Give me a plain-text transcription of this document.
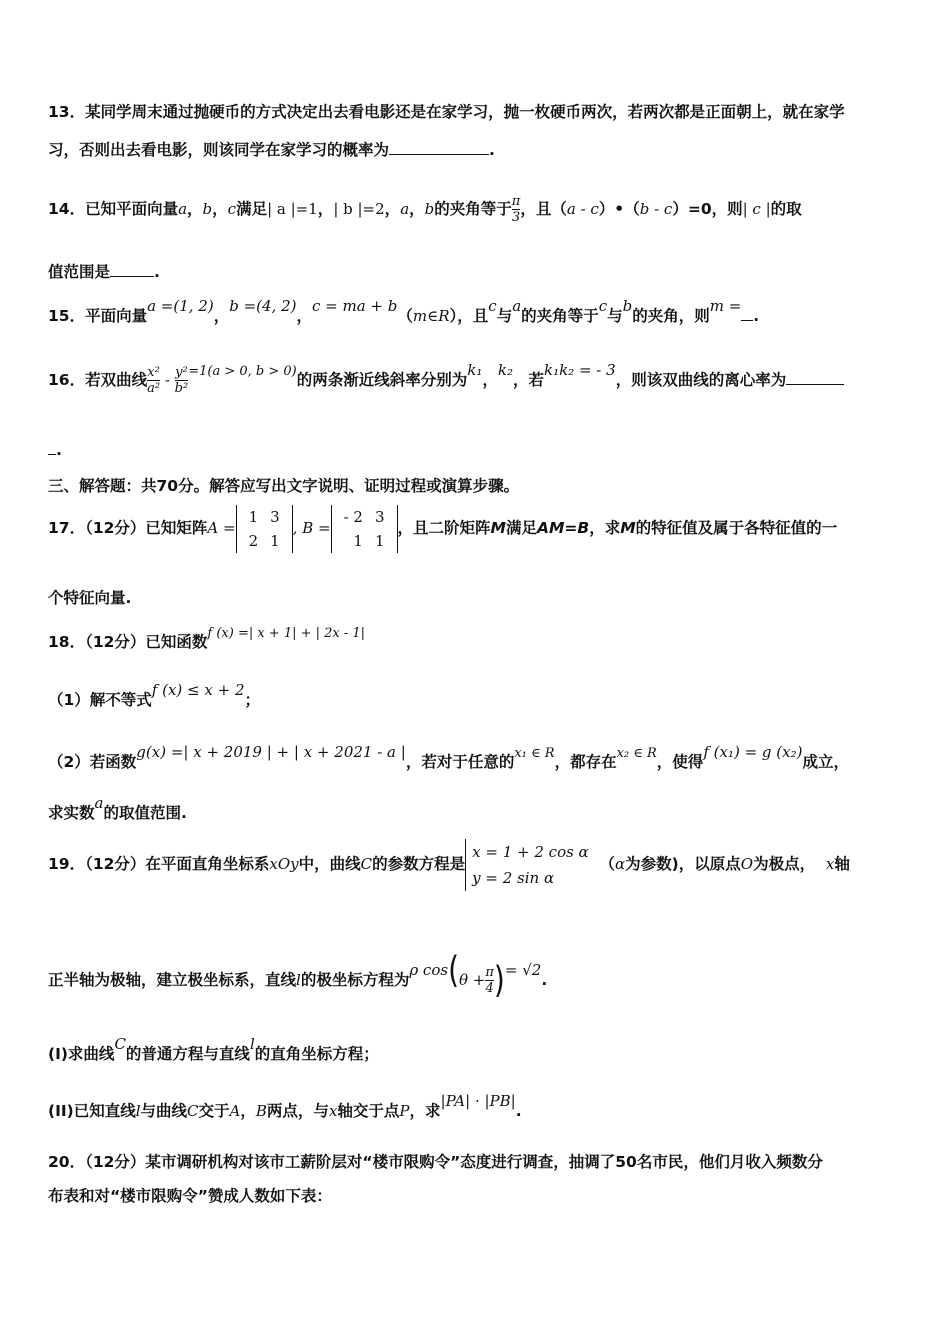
13．某同学周末通过抛硬币的方式决定出去看电影还是在家学习，抛一枚硬币两次，若两次都是正面朝上，就在家学
习，否则出去看电影，则该同学在家学习的概率为	.
14．已知平面向量a，b，c满足| a |=1，| b |=2，a，b的夹角等于 $\frac{\pi}{3}$ ，且（a - c）•（b - c）=0，则| c |的取
值范围是	.
15．平面向量a =(1, 2)，b =(4, 2)，c = ma + b（m∈R），且c与a的夹角等于c与b的夹角，则m =.
16．若双曲线 $\frac{\text{x²}}{\text{a²}} - \frac{\text{y²}}{\text{b²}} ^{=1(a > 0, b > 0)}$的两条渐近线斜率分别为k₁，k₂，若k₁k₂ = - 3，则该双曲线的离心率为
.
三、解答题：共70分。解答应写出文字说明、证明过程或演算步骤。
17．（12分）已知矩阵A =
1	3
2	1
, B =
- 2	3
1	1
，且二阶矩阵M满足AM=B，求M的特征值及属于各特征值的一
个特征向量.
18．（12分）已知函数$^{f (x) =| x + 1| + | 2x - 1|}$
（1）解不等式f (x) ≤ x + 2；
（2）若函数g(x) =| x + 2019 | + | x + 2021 - a |，若对于任意的$^{x_1 \in R}$，都存在$^{x_2 \in R}$，使得f (x₁) = g (x₂)成立，
求实数a的取值范围.
19．（12分）在平面直角坐标系xOy中，曲线C的参数方程是
x = 1 + 2 cos α
y = 2 sin α
（α为参数)，以原点O为极点， x轴
正半轴为极轴，建立极坐标系，直线l的极坐标方程为ρ $\cos(\theta + \frac{\pi}{4}$ )= √2.
(I)求曲线C的普通方程与直线l的直角坐标方程；
(II)已知直线l与曲线C交于A，B两点，与x轴交于点P，求|PA| · |PB|.
20．（12分）某市调研机构对该市工薪阶层对“楼市限购令”态度进行调查，抽调了50名市民，他们月收入频数分
布表和对“楼市限购令”赞成人数如下表：
